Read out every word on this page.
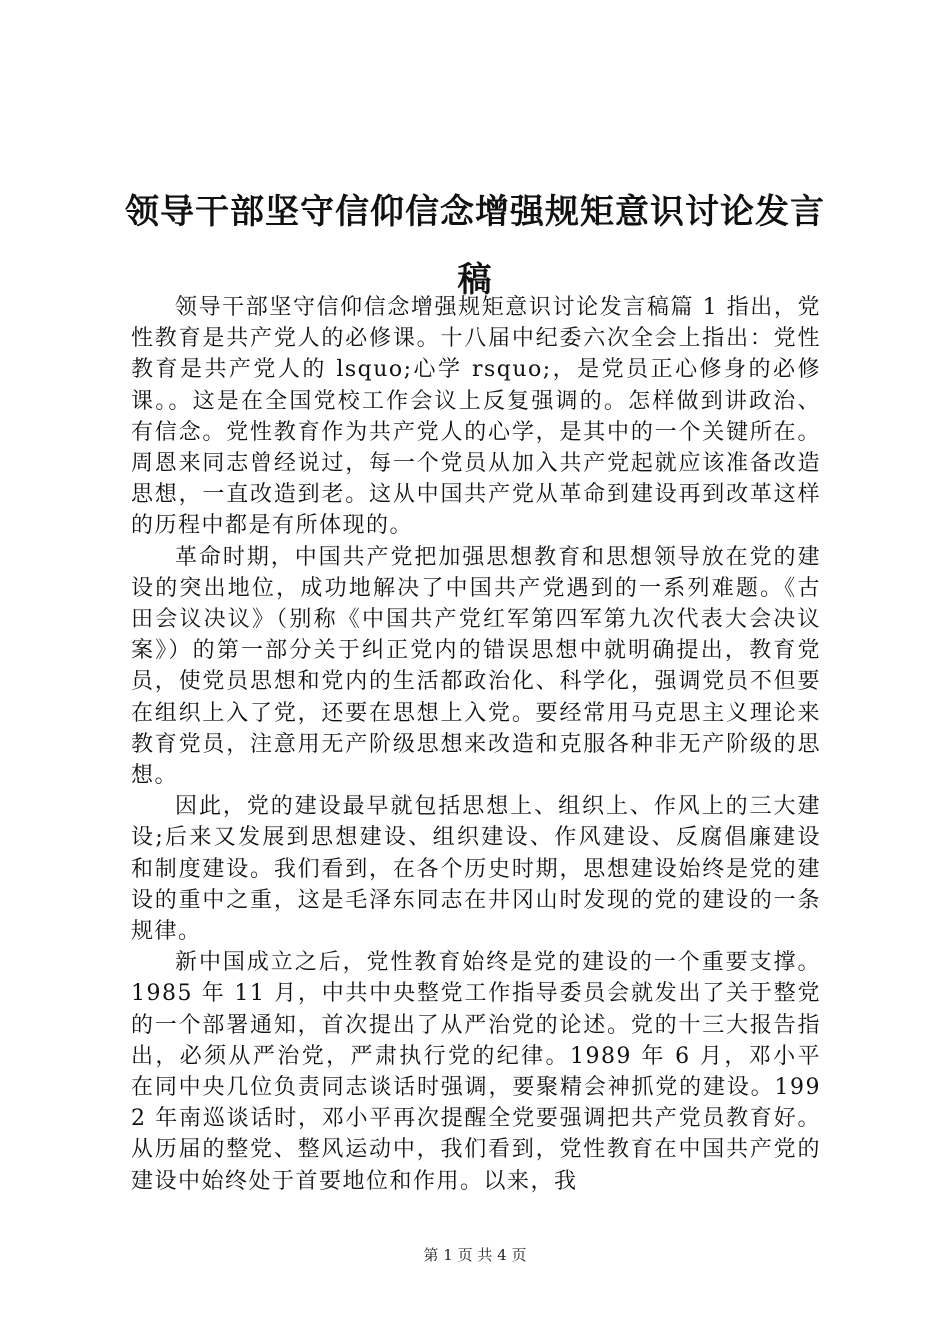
领导干部坚守信仰信念增强规矩意识讨论发言稿

领导干部坚守信仰信念增强规矩意识讨论发言稿篇 1 指出，党性教育是共产党人的必修课。十八届中纪委六次全会上指出：党性教育是共产党人的 lsquo;心学 rsquo;，是党员正心修身的必修课。。这是在全国党校工作会议上反复强调的。怎样做到讲政治、有信念。党性教育作为共产党人的心学，是其中的一个关键所在。周恩来同志曾经说过，每一个党员从加入共产党起就应该准备改造思想，一直改造到老。这从中国共产党从革命到建设再到改革这样的历程中都是有所体现的。

革命时期，中国共产党把加强思想教育和思想领导放在党的建设的突出地位，成功地解决了中国共产党遇到的一系列难题。《古田会议决议》（别称《中国共产党红军第四军第九次代表大会决议案》）的第一部分关于纠正党内的错误思想中就明确提出，教育党员，使党员思想和党内的生活都政治化、科学化，强调党员不但要在组织上入了党，还要在思想上入党。要经常用马克思主义理论来教育党员，注意用无产阶级思想来改造和克服各种非无产阶级的思想。

因此，党的建设最早就包括思想上、组织上、作风上的三大建设;后来又发展到思想建设、组织建设、作风建设、反腐倡廉建设和制度建设。我们看到，在各个历史时期，思想建设始终是党的建设的重中之重，这是毛泽东同志在井冈山时发现的党的建设的一条规律。

新中国成立之后，党性教育始终是党的建设的一个重要支撑。1985 年 11 月，中共中央整党工作指导委员会就发出了关于整党的一个部署通知，首次提出了从严治党的论述。党的十三大报告指出，必须从严治党，严肃执行党的纪律。1989 年 6 月，邓小平在同中央几位负责同志谈话时强调，要聚精会神抓党的建设。1992 年南巡谈话时，邓小平再次提醒全党要强调把共产党员教育好。从历届的整党、整风运动中，我们看到，党性教育在中国共产党的建设中始终处于首要地位和作用。以来，我

第 1 页 共 4 页
